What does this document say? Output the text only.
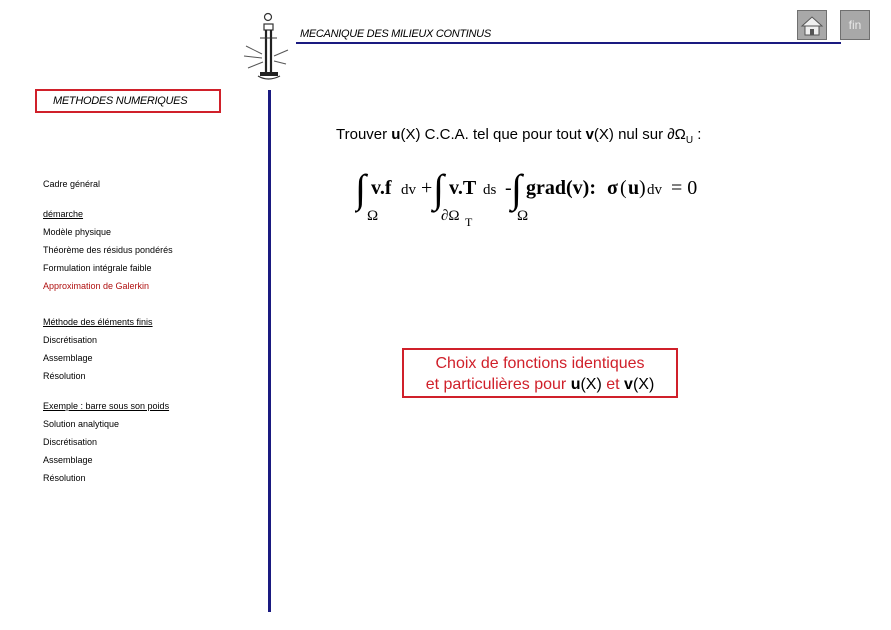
MECANIQUE DES MILIEUX CONTINUS
fin
METHODES NUMERIQUES
Cadre général
démarche
Modèle physique
Théorème des résidus pondérés
Formulation intégrale faible
Approximation de Galerkin
Méthode des éléments finis
Discrétisation
Assemblage
Résolution
Exemple : barre sous son poids
Solution analytique
Discrétisation
Assemblage
Résolution
Trouver u(X) C.C.A. tel que pour tout v(X) nul sur $\partial\Omega_U$ :
∫ v.f dv + ∫ v.T ds - ∫ grad(v): σ ( u ) dv = 0
Ω	∂Ω T	Ω
Choix de fonctions identiques
et particulières pour u(X) et v(X)
